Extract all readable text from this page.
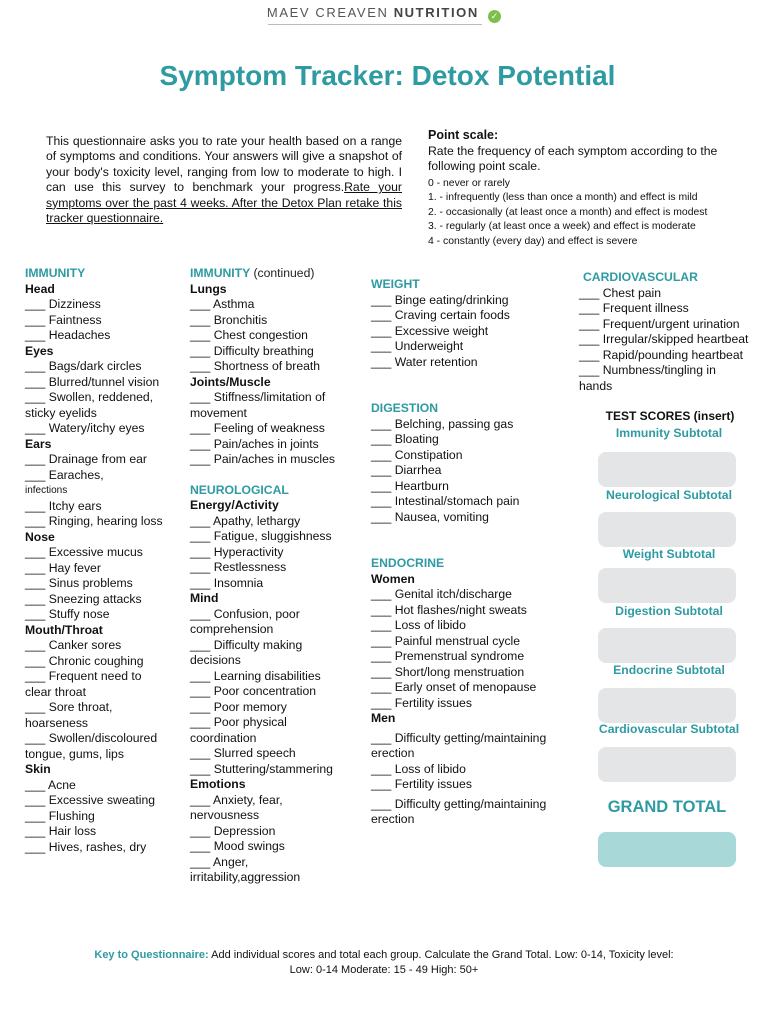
MAEV CREAVEN NUTRITION ✓
Symptom Tracker: Detox Potential
This questionnaire asks you to rate your health based on a range of symptoms and conditions. Your answers will give a snapshot of your body's toxicity level, ranging from low to moderate to high. I can use this survey to benchmark your progress.Rate your symptoms over the past 4 weeks. After the Detox Plan retake this tracker questionnaire.
Point scale:
Rate the frequency of each symptom according to the following point scale.
0 - never or rarely
1. - infrequently (less than once a month) and effect is mild
2. - occasionally (at least once a month) and effect is modest
3. - regularly (at least once a week) and effect is moderate
4 - constantly (every day) and effect is severe
IMMUNITY
Head
___ Dizziness
___ Faintness
___ Headaches
Eyes
___ Bags/dark circles
___ Blurred/tunnel vision
___ Swollen, reddened,
sticky eyelids
___ Watery/itchy eyes
Ears
___ Drainage from ear
___ Earaches,
infections
___ Itchy ears
___ Ringing, hearing loss
Nose
___ Excessive mucus
___ Hay fever
___ Sinus problems
___ Sneezing attacks
___ Stuffy nose
Mouth/Throat
___ Canker sores
___ Chronic coughing
___ Frequent need to
clear throat
___ Sore throat,
hoarseness
___ Swollen/discoloured
tongue, gums, lips
Skin
___ Acne
___ Excessive sweating
___ Flushing
___ Hair loss
___ Hives, rashes, dry
IMMUNITY (continued)
Lungs
___ Asthma
___ Bronchitis
___ Chest congestion
___ Difficulty breathing
___ Shortness of breath
Joints/Muscle
___ Stiffness/limitation of
movement
___ Feeling of weakness
___ Pain/aches in joints
___ Pain/aches in muscles
NEUROLOGICAL
Energy/Activity
___ Apathy, lethargy
___ Fatigue, sluggishness
___ Hyperactivity
___ Restlessness
___ Insomnia
Mind
___ Confusion, poor
comprehension
___ Difficulty making
decisions
___ Learning disabilities
___ Poor concentration
___ Poor memory
___ Poor physical
coordination
___ Slurred speech
___ Stuttering/stammering
Emotions
___ Anxiety, fear,
nervousness
___ Depression
___ Mood swings
___ Anger,
irritability,aggression
WEIGHT
___ Binge eating/drinking
___ Craving certain foods
___ Excessive weight
___ Underweight
___ Water retention
DIGESTION
___ Belching, passing gas
___ Bloating
___ Constipation
___ Diarrhea
___ Heartburn
___ Intestinal/stomach pain
___ Nausea, vomiting
ENDOCRINE
Women
___ Genital itch/discharge
___ Hot flashes/night sweats
___ Loss of libido
___ Painful menstrual cycle
___ Premenstrual syndrome
___ Short/long menstruation
___ Early onset of menopause
___ Fertility issues
Men
___ Difficulty getting/maintaining
erection
___ Loss of libido
___ Fertility issues
___ Difficulty getting/maintaining
erection
CARDIOVASCULAR
___ Chest pain
___ Frequent illness
___ Frequent/urgent urination
___ Irregular/skipped heartbeat
___ Rapid/pounding heartbeat
___ Numbness/tingling in
hands
TEST SCORES (insert)
Immunity Subtotal
Neurological Subtotal
Weight Subtotal
Digestion Subtotal
Endocrine Subtotal
Cardiovascular Subtotal
GRAND TOTAL
Key to Questionnaire: Add individual scores and total each group. Calculate the Grand Total. Low: 0-14, Toxicity level:
Low: 0-14 Moderate: 15 - 49 High: 50+
